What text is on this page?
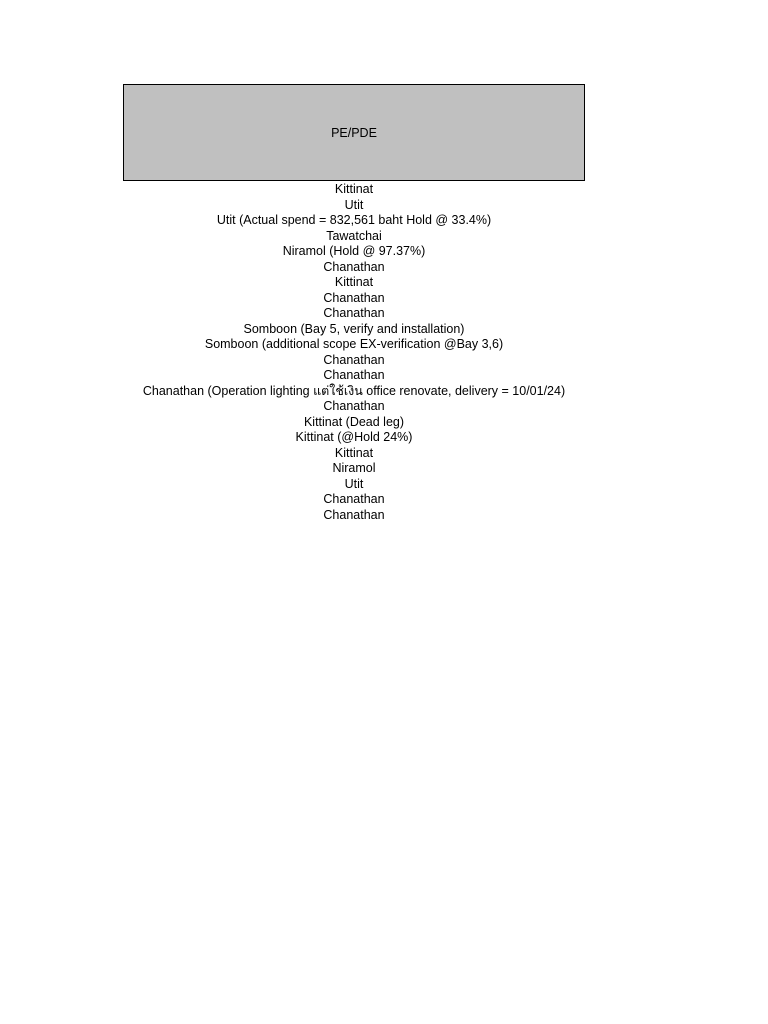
PE/PDE
Kittinat
Utit
Utit (Actual spend = 832,561 baht Hold @ 33.4%)
Tawatchai
Niramol (Hold @ 97.37%)
Chanathan
Kittinat
Chanathan
Chanathan
Somboon (Bay 5, verify and installation)
Somboon (additional scope EX-verification @Bay 3,6)
Chanathan
Chanathan
Chanathan (Operation lighting แต่ใช้เงิน office renovate, delivery = 10/01/24)
Chanathan
Kittinat (Dead leg)
Kittinat (@Hold 24%)
Kittinat
Niramol
Utit
Chanathan
Chanathan
